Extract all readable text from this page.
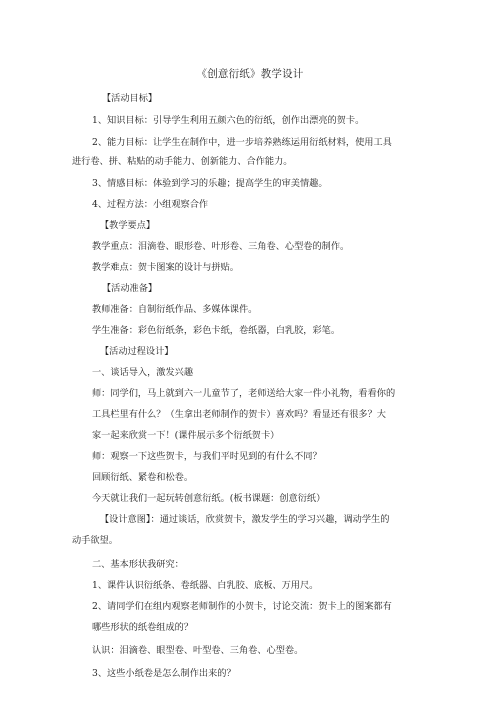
《创意衍纸》教学设计
【活动目标】
1、知识目标：引导学生利用五颜六色的衍纸，创作出漂亮的贺卡。
2、能力目标：让学生在制作中，进一步培养熟练运用衍纸材料，使用工具
进行卷、拼、粘贴的动手能力、创新能力、合作能力。
3、情感目标：体验到学习的乐趣；提高学生的审美情趣。
4、过程方法：小组观察合作
【教学要点】
教学重点：泪滴卷、眼形卷、叶形卷、三角卷、心型卷的制作。
教学难点：贺卡图案的设计与拼贴。
【活动准备】
教师准备：自制衍纸作品、多媒体课件。
学生准备：彩色衍纸条，彩色卡纸，卷纸器，白乳胶，彩笔。
【活动过程设计】
一、谈话导入，激发兴趣
师：同学们，马上就到六一儿童节了，老师送给大家一件小礼物，看看你的
工具栏里有什么？（生拿出老师制作的贺卡）喜欢吗？看显还有很多？大
家一起来欣赏一下！(课件展示多个衍纸贺卡）
师：观察一下这些贺卡，与我们平时见到的有什么不同？
回顾衍纸、紧卷和松卷。
今天就让我们一起玩转创意衍纸。(板书课题：创意衍纸）
【设计意图】：通过谈话，欣赏贺卡，激发学生的学习兴趣，调动学生的
动手欲望。
二、基本形状我研究：
1、课件认识衍纸条、卷纸器、白乳胶、底板、万用尺。
2、请同学们在组内观察老师制作的小贺卡，讨论交流：贺卡上的图案都有
哪些形状的纸卷组成的？
认识：泪滴卷、眼型卷、叶型卷、三角卷、心型卷。
3、这些小纸卷是怎么制作出来的？
